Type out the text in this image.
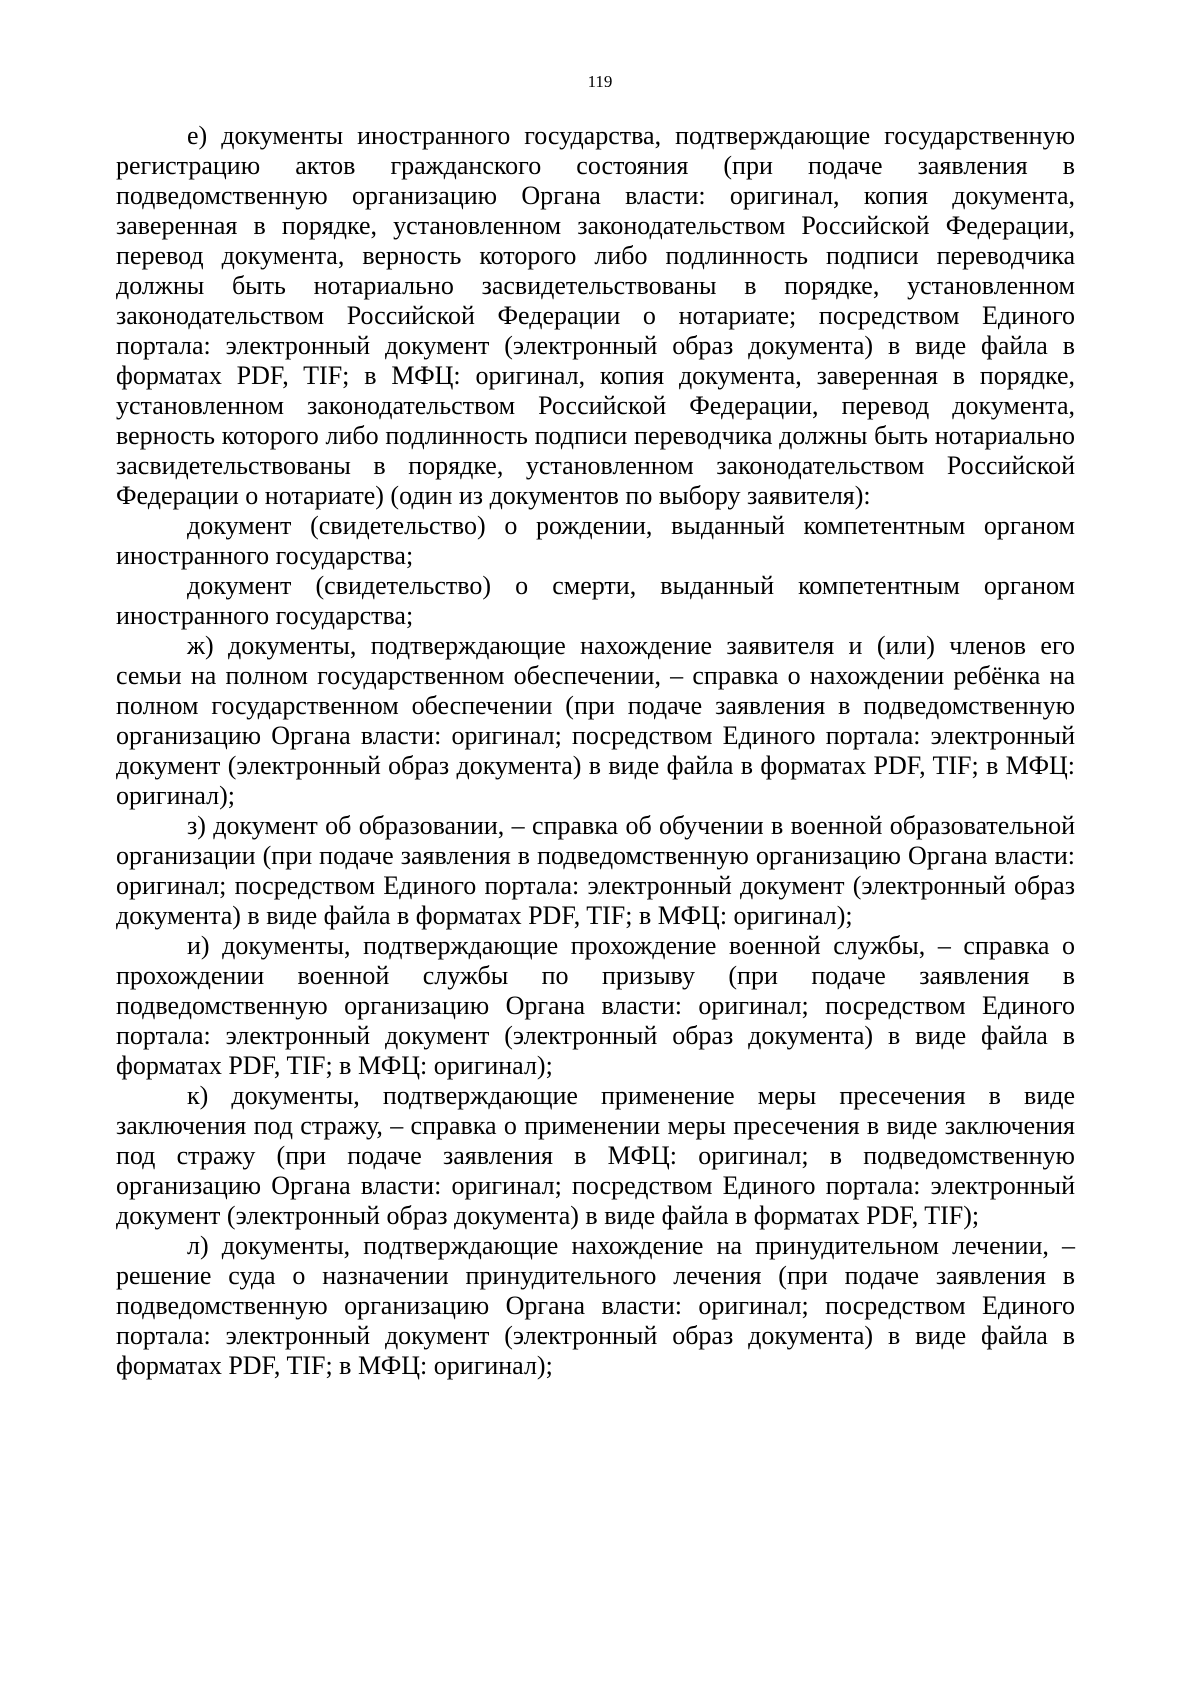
119

е) документы иностранного государства, подтверждающие государственную регистрацию актов гражданского состояния (при подаче заявления в подведомственную организацию Органа власти: оригинал, копия документа, заверенная в порядке, установленном законодательством Российской Федерации, перевод документа, верность которого либо подлинность подписи переводчика должны быть нотариально засвидетельствованы в порядке, установленном законодательством Российской Федерации о нотариате; посредством Единого портала: электронный документ (электронный образ документа) в виде файла в форматах PDF, TIF; в МФЦ: оригинал, копия документа, заверенная в порядке, установленном законодательством Российской Федерации, перевод документа, верность которого либо подлинность подписи переводчика должны быть нотариально засвидетельствованы в порядке, установленном законодательством Российской Федерации о нотариате) (один из документов по выбору заявителя):

документ (свидетельство) о рождении, выданный компетентным органом иностранного государства;

документ (свидетельство) о смерти, выданный компетентным органом иностранного государства;

ж) документы, подтверждающие нахождение заявителя и (или) членов его семьи на полном государственном обеспечении, – справка о нахождении ребёнка на полном государственном обеспечении (при подаче заявления в подведомственную организацию Органа власти: оригинал; посредством Единого портала: электронный документ (электронный образ документа) в виде файла в форматах PDF, TIF; в МФЦ: оригинал);

з) документ об образовании, – справка об обучении в военной образовательной организации (при подаче заявления в подведомственную организацию Органа власти: оригинал; посредством Единого портала: электронный документ (электронный образ документа) в виде файла в форматах PDF, TIF; в МФЦ: оригинал);

и) документы, подтверждающие прохождение военной службы, – справка о прохождении военной службы по призыву (при подаче заявления в подведомственную организацию Органа власти: оригинал; посредством Единого портала: электронный документ (электронный образ документа) в виде файла в форматах PDF, TIF; в МФЦ: оригинал);

к) документы, подтверждающие применение меры пресечения в виде заключения под стражу, – справка о применении меры пресечения в виде заключения под стражу (при подаче заявления в МФЦ: оригинал; в подведомственную организацию Органа власти: оригинал; посредством Единого портала: электронный документ (электронный образ документа) в виде файла в форматах PDF, TIF);

л) документы, подтверждающие нахождение на принудительном лечении, – решение суда о назначении принудительного лечения (при подаче заявления в подведомственную организацию Органа власти: оригинал; посредством Единого портала: электронный документ (электронный образ документа) в виде файла в форматах PDF, TIF; в МФЦ: оригинал);
